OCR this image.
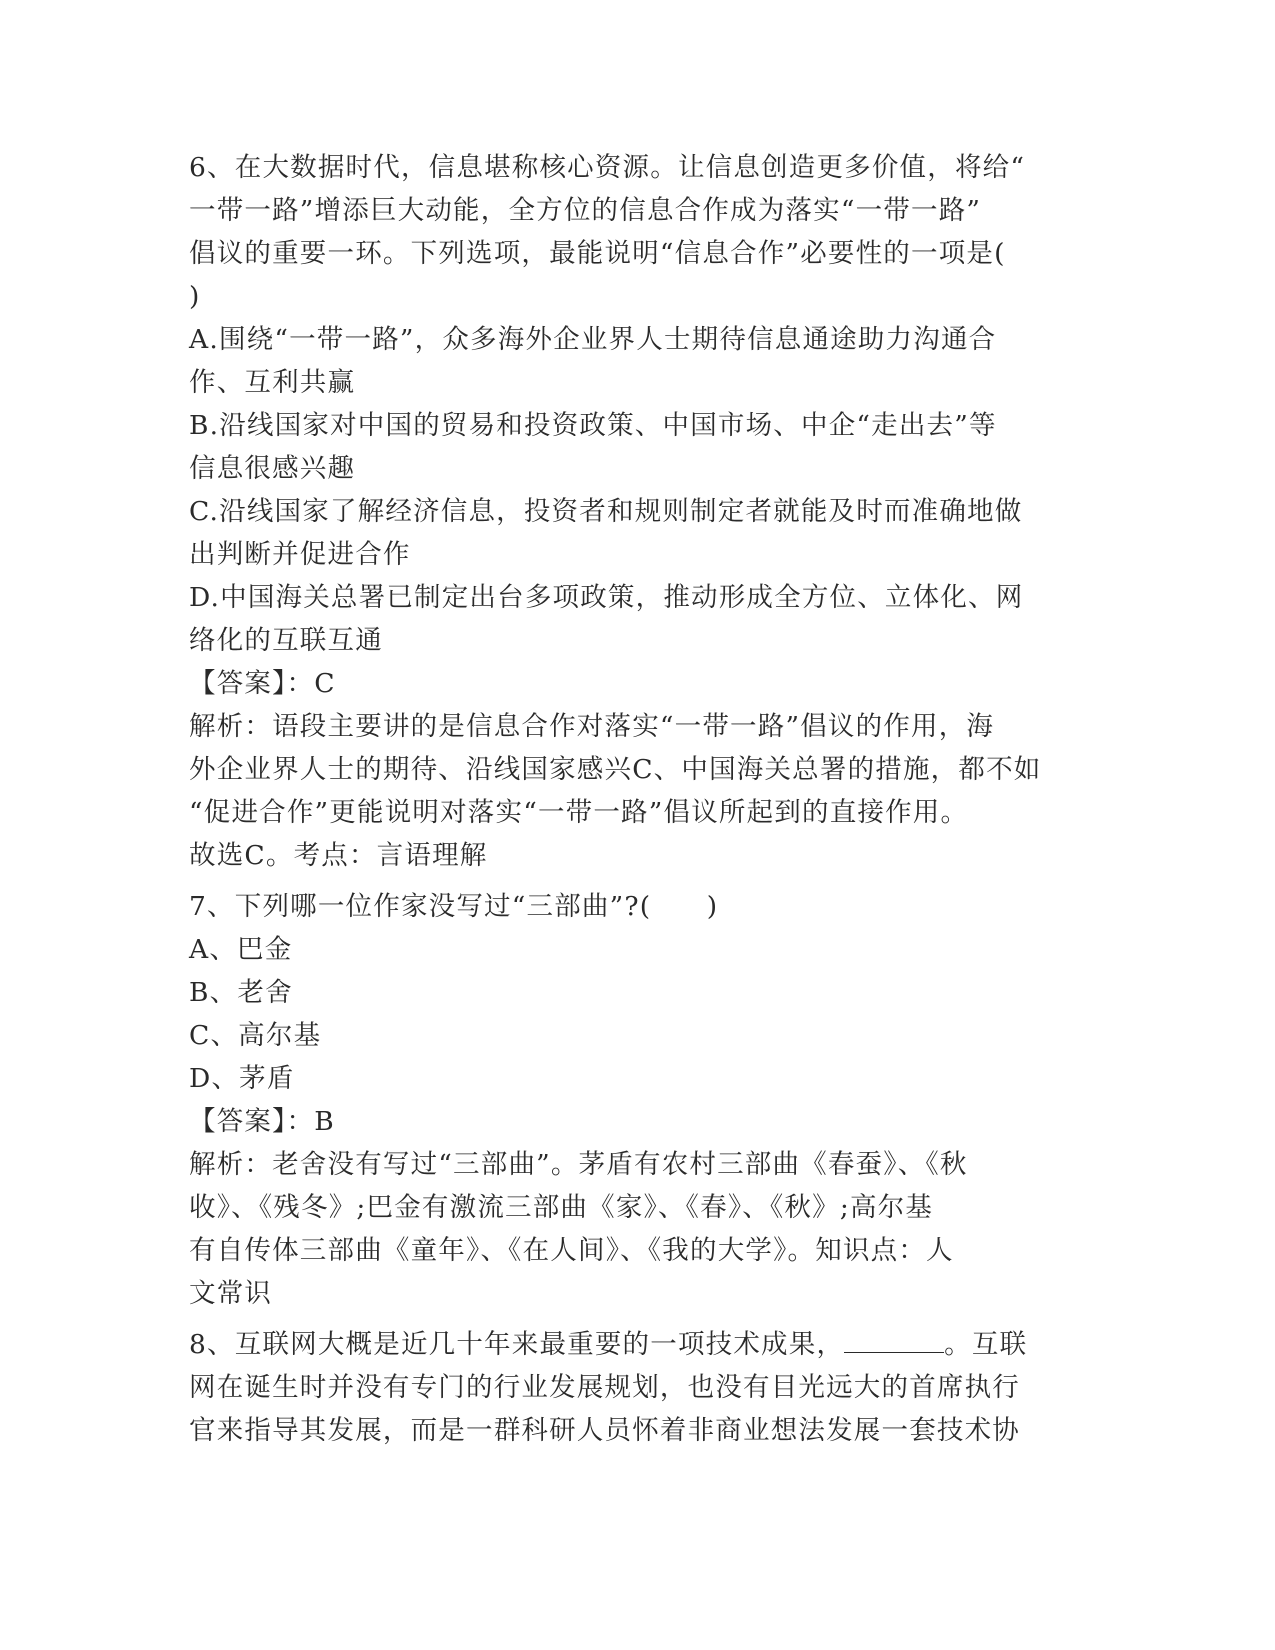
6、在大数据时代，信息堪称核心资源。让信息创造更多价值，将给“
一带一路”增添巨大动能，全方位的信息合作成为落实“一带一路”
倡议的重要一环。下列选项，最能说明“信息合作”必要性的一项是(
)
A.围绕“一带一路”，众多海外企业界人士期待信息通途助力沟通合
作、互利共赢
B.沿线国家对中国的贸易和投资政策、中国市场、中企“走出去”等
信息很感兴趣
C.沿线国家了解经济信息，投资者和规则制定者就能及时而准确地做
出判断并促进合作
D.中国海关总署已制定出台多项政策，推动形成全方位、立体化、网
络化的互联互通
【答案】：C
解析：语段主要讲的是信息合作对落实“一带一路”倡议的作用，海
外企业界人士的期待、沿线国家感兴C、中国海关总署的措施，都不如
“促进合作”更能说明对落实“一带一路”倡议所起到的直接作用。
故选C。考点：言语理解
7、下列哪一位作家没写过“三部曲”?(　　)
A、巴金
B、老舍
C、高尔基
D、茅盾
【答案】：B
解析：老舍没有写过“三部曲”。茅盾有农村三部曲《春蚕》、《秋
收》、《残冬》;巴金有激流三部曲《家》、《春》、《秋》;高尔基
有自传体三部曲《童年》、《在人间》、《我的大学》。知识点：人
文常识
8、互联网大概是近几十年来最重要的一项技术成果，	。互联
网在诞生时并没有专门的行业发展规划，也没有目光远大的首席执行
官来指导其发展，而是一群科研人员怀着非商业想法发展一套技术协
